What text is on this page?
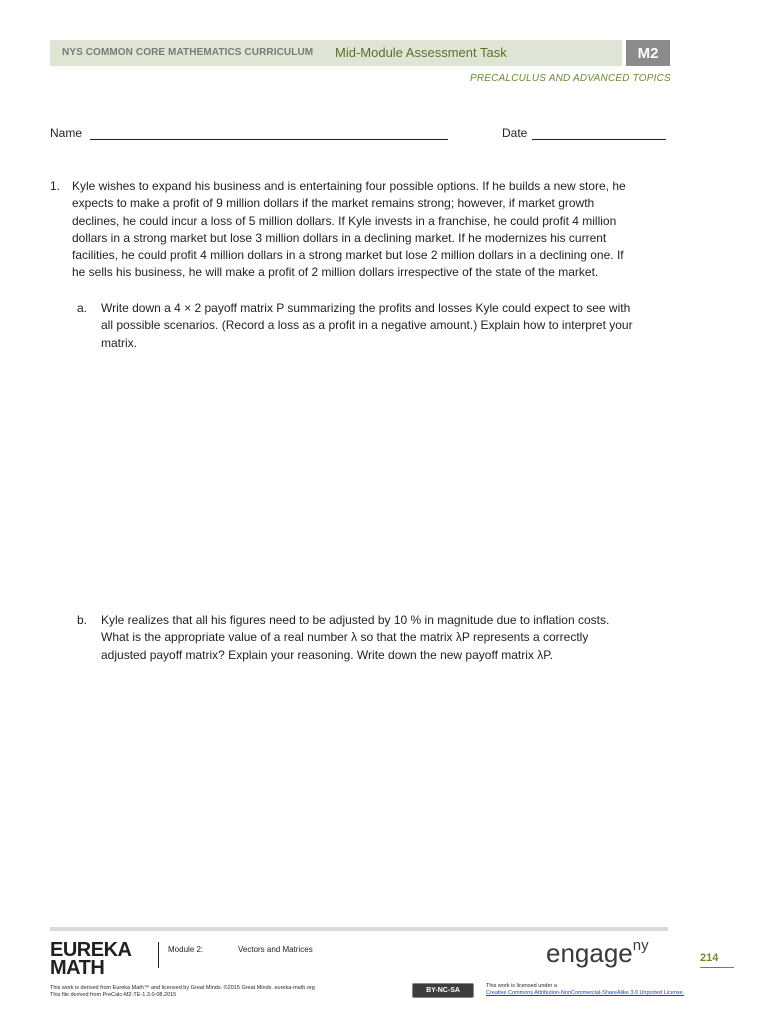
NYS COMMON CORE MATHEMATICS CURRICULUM Mid-Module Assessment Task	M2
PRECALCULUS AND ADVANCED TOPICS
Name	Date
1. Kyle wishes to expand his business and is entertaining four possible options. If he builds a new store, he
expects to make a profit of 9 million dollars if the market remains strong; however, if market growth
declines, he could incur a loss of 5 million dollars. If Kyle invests in a franchise, he could profit 4 million
dollars in a strong market but lose 3 million dollars in a declining market. If he modernizes his current
facilities, he could profit 4 million dollars in a strong market but lose 2 million dollars in a declining one. If
he sells his business, he will make a profit of 2 million dollars irrespective of the state of the market.
a. Write down a 4 × 2 payoff matrix P summarizing the profits and losses Kyle could expect to see with
all possible scenarios. (Record a loss as a profit in a negative amount.) Explain how to interpret your
matrix.
b. Kyle realizes that all his figures need to be adjusted by 10 % in magnitude due to inflation costs.
What is the appropriate value of a real number λ so that the matrix λP represents a correctly
adjusted payoff matrix? Explain your reasoning. Write down the new payoff matrix λP.
EUREKA
MATH
Module 2:	Vectors and Matrices	engage$^{ny}$
214
This work is derived from Eureka Math™ and licensed by Great Minds. ©2015 Great Minds. eureka-math.org
This file derived from PreCalc-M2-TE-1.3.0-08.2015
BY-NC-SA
This work is licensed under a
Creative Commons Attribution-NonCommercial-ShareAlike 3.0 Unported License.
